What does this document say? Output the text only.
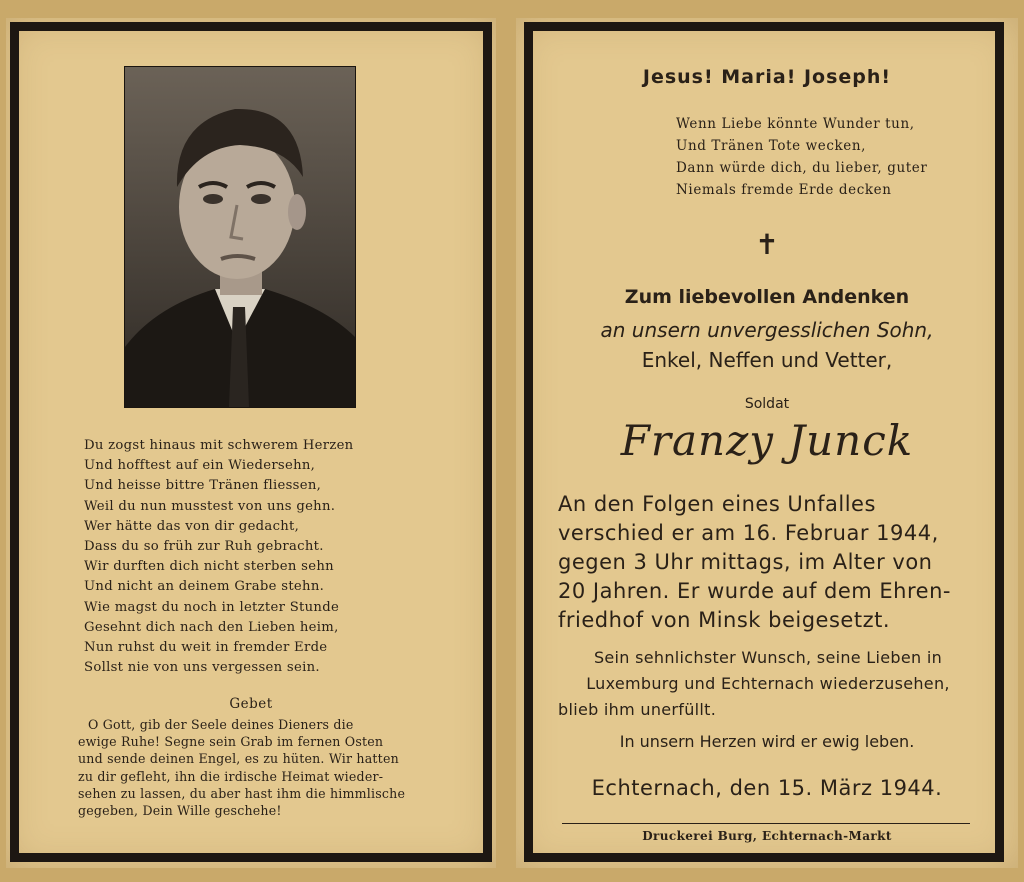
Du zogst hinaus mit schwerem Herzen
Und hofftest auf ein Wiedersehn,
Und heisse bittre Tränen fliessen,
Weil du nun musstest von uns gehn.
Wer hätte das von dir gedacht,
Dass du so früh zur Ruh gebracht.
Wir durften dich nicht sterben sehn
Und nicht an deinem Grabe stehn.
Wie magst du noch in letzter Stunde
Gesehnt dich nach den Lieben heim,
Nun ruhst du weit in fremder Erde
Sollst nie von uns vergessen sein.
Gebet
O Gott, gib der Seele deines Dieners die
ewige Ruhe! Segne sein Grab im fernen Osten
und sende deinen Engel, es zu hüten. Wir hatten
zu dir gefleht, ihn die irdische Heimat wieder-
sehen zu lassen, du aber hast ihm die himmlische
gegeben, Dein Wille geschehe!
Jesus! Maria! Joseph!
Wenn Liebe könnte Wunder tun,
Und Tränen Tote wecken,
Dann würde dich, du lieber, guter
Niemals fremde Erde decken
✝
Zum liebevollen Andenken
an unsern unvergesslichen Sohn,
Enkel, Neffen und Vetter,
Soldat
Franzy Junck
An den Folgen eines Unfalles
verschied er am 16. Februar 1944,
gegen 3 Uhr mittags, im Alter von
20 Jahren. Er wurde auf dem Ehren-
friedhof von Minsk beigesetzt.
Sein sehnlichster Wunsch, seine Lieben in
Luxemburg und Echternach wiederzusehen,
blieb ihm unerfüllt.
In unsern Herzen wird er ewig leben.
Echternach, den 15. März 1944.
Druckerei Burg, Echternach-Markt
